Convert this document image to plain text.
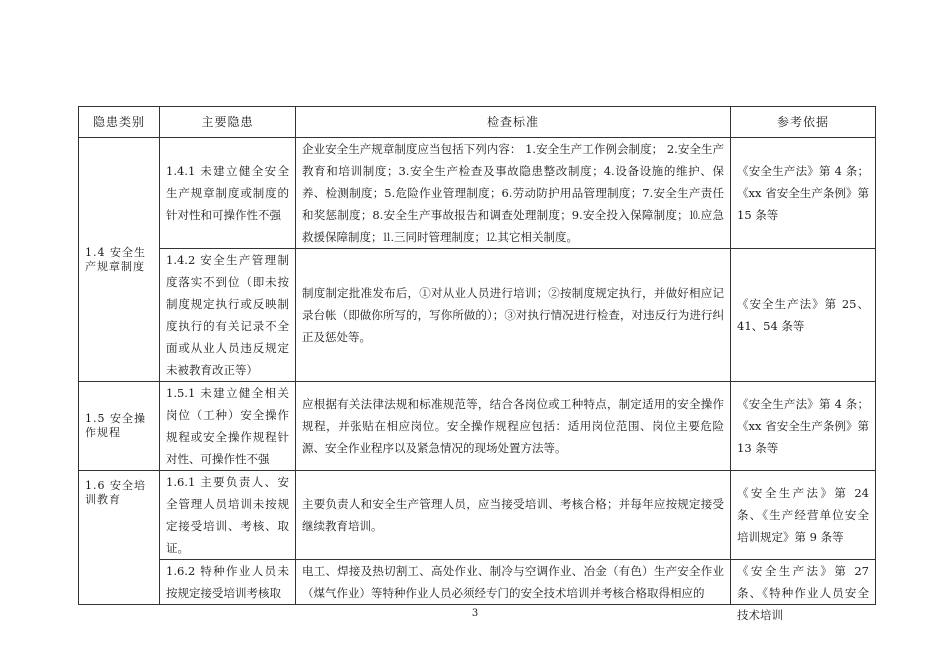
隐患类别	主要隐患	检查标准	参考依据
1.4 安全生产规章制度	1.4.1 未建立健全安全生产规章制度或制度的针对性和可操作性不强	企业安全生产规章制度应当包括下列内容： 1.安全生产工作例会制度； 2.安全生产教育和培训制度；3.安全生产检查及事故隐患整改制度；4.设备设施的维护、保养、检测制度；5.危险作业管理制度；6.劳动防护用品管理制度；7.安全生产责任和奖惩制度；8.安全生产事故报告和调查处理制度；9.安全投入保障制度；⒑应急救援保障制度；⒒三同时管理制度；⒓其它相关制度。	《安全生产法》第 4 条；《xx 省安全生产条例》第 15 条等
	1.4.2 安全生产管理制度落实不到位（即未按制度规定执行或反映制度执行的有关记录不全面或从业人员违反规定未被教育改正等）	制度制定批准发布后，①对从业人员进行培训；②按制度规定执行，并做好相应记录台帐（即做你所写的，写你所做的）；③对执行情况进行检查，对违反行为进行纠正及惩处等。	《安全生产法》第 25、41、54 条等
1.5 安全操作规程	1.5.1 未建立健全相关岗位（工种）安全操作规程或安全操作规程针对性、可操作性不强	应根据有关法律法规和标准规范等，结合各岗位或工种特点，制定适用的安全操作规程，并张贴在相应岗位。安全操作规程应包括：适用岗位范围、岗位主要危险源、安全作业程序以及紧急情况的现场处置方法等。	《安全生产法》第 4 条；《xx 省安全生产条例》第 13 条等
1.6 安全培训教育	1.6.1 主要负责人、安全管理人员培训未按规定接受培训、考核、取证。	主要负责人和安全生产管理人员，应当接受培训、考核合格；并每年应按规定接受继续教育培训。	《安全生产法》第 24 条、《生产经营单位安全培训规定》第 9 条等

	1.6.2 特种作业人员未按规定接受培训考核取	电工、焊接及热切割工、高处作业、制冷与空调作业、冶金（有色）生产安全作业（煤气作业）等特种作业人员必须经专门的安全技术培训并考核合格取得相应的	《安全生产法》第 27 条、《特种作业人员安全技术培训
3
